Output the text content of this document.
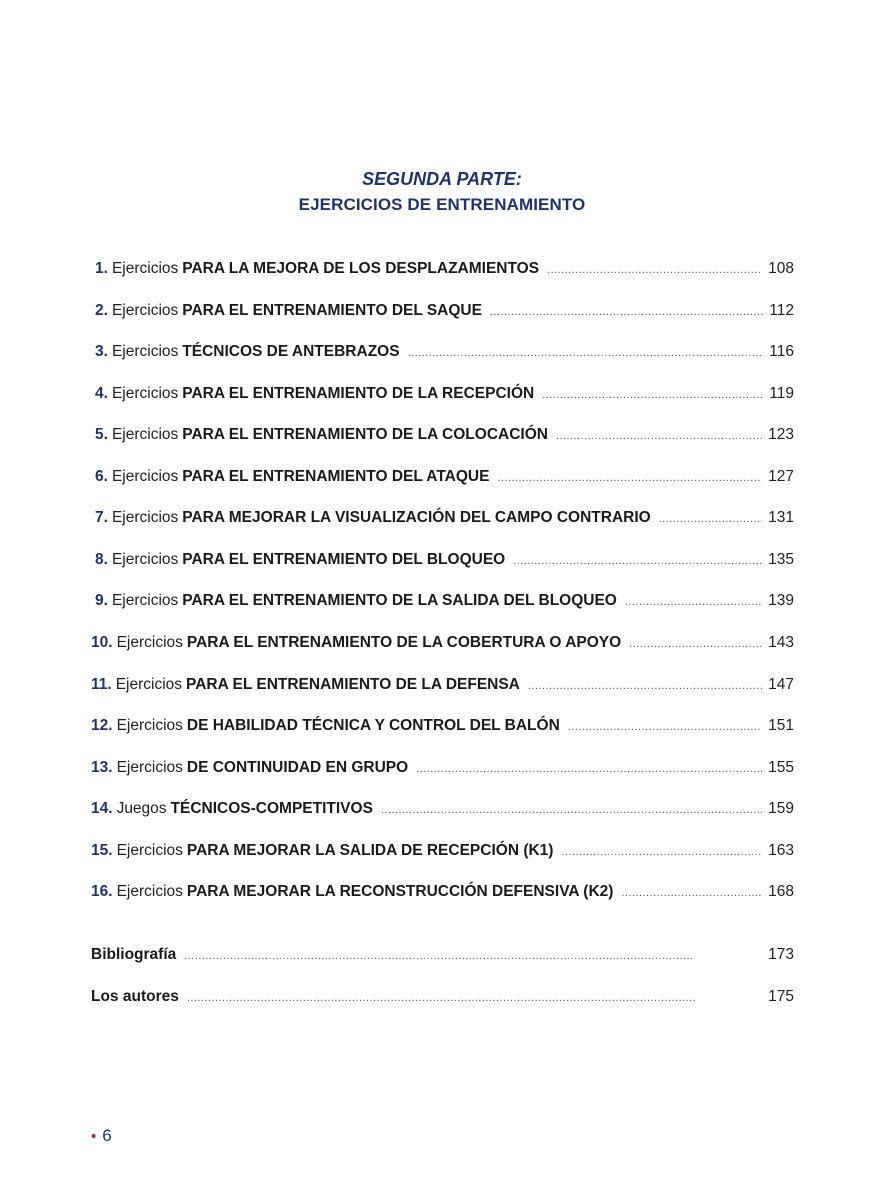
SEGUNDA PARTE:
EJERCICIOS DE ENTRENAMIENTO
1. Ejercicios PARA LA MEJORA DE LOS DESPLAZAMIENTOS . . .	108
2. Ejercicios PARA EL ENTRENAMIENTO DEL SAQUE . . .	112
3. Ejercicios TÉCNICOS DE ANTEBRAZOS . . .	116
4. Ejercicios PARA EL ENTRENAMIENTO DE LA RECEPCIÓN . . .	119
5. Ejercicios PARA EL ENTRENAMIENTO DE LA COLOCACIÓN . . .	123
6. Ejercicios PARA EL ENTRENAMIENTO DEL ATAQUE . . .	127
7. Ejercicios PARA MEJORAR LA VISUALIZACIÓN DEL CAMPO CONTRARIO . . .	131
8. Ejercicios PARA EL ENTRENAMIENTO DEL BLOQUEO . . .	135
9. Ejercicios PARA EL ENTRENAMIENTO DE LA SALIDA DEL BLOQUEO . . .	139
10. Ejercicios PARA EL ENTRENAMIENTO DE LA COBERTURA O APOYO . . .	143
11. Ejercicios PARA EL ENTRENAMIENTO DE LA DEFENSA . . .	147
12. Ejercicios DE HABILIDAD TÉCNICA Y CONTROL DEL BALÓN . . .	151
13. Ejercicios DE CONTINUIDAD EN GRUPO . . .	155
14. Juegos TÉCNICOS-COMPETITIVOS . . .	159
15. Ejercicios PARA MEJORAR LA SALIDA DE RECEPCIÓN (K1) . . .	163
16. Ejercicios PARA MEJORAR LA RECONSTRUCCIÓN DEFENSIVA (K2) . . .	168
Bibliografía . . .	173
Los autores . . .	175
• 6
